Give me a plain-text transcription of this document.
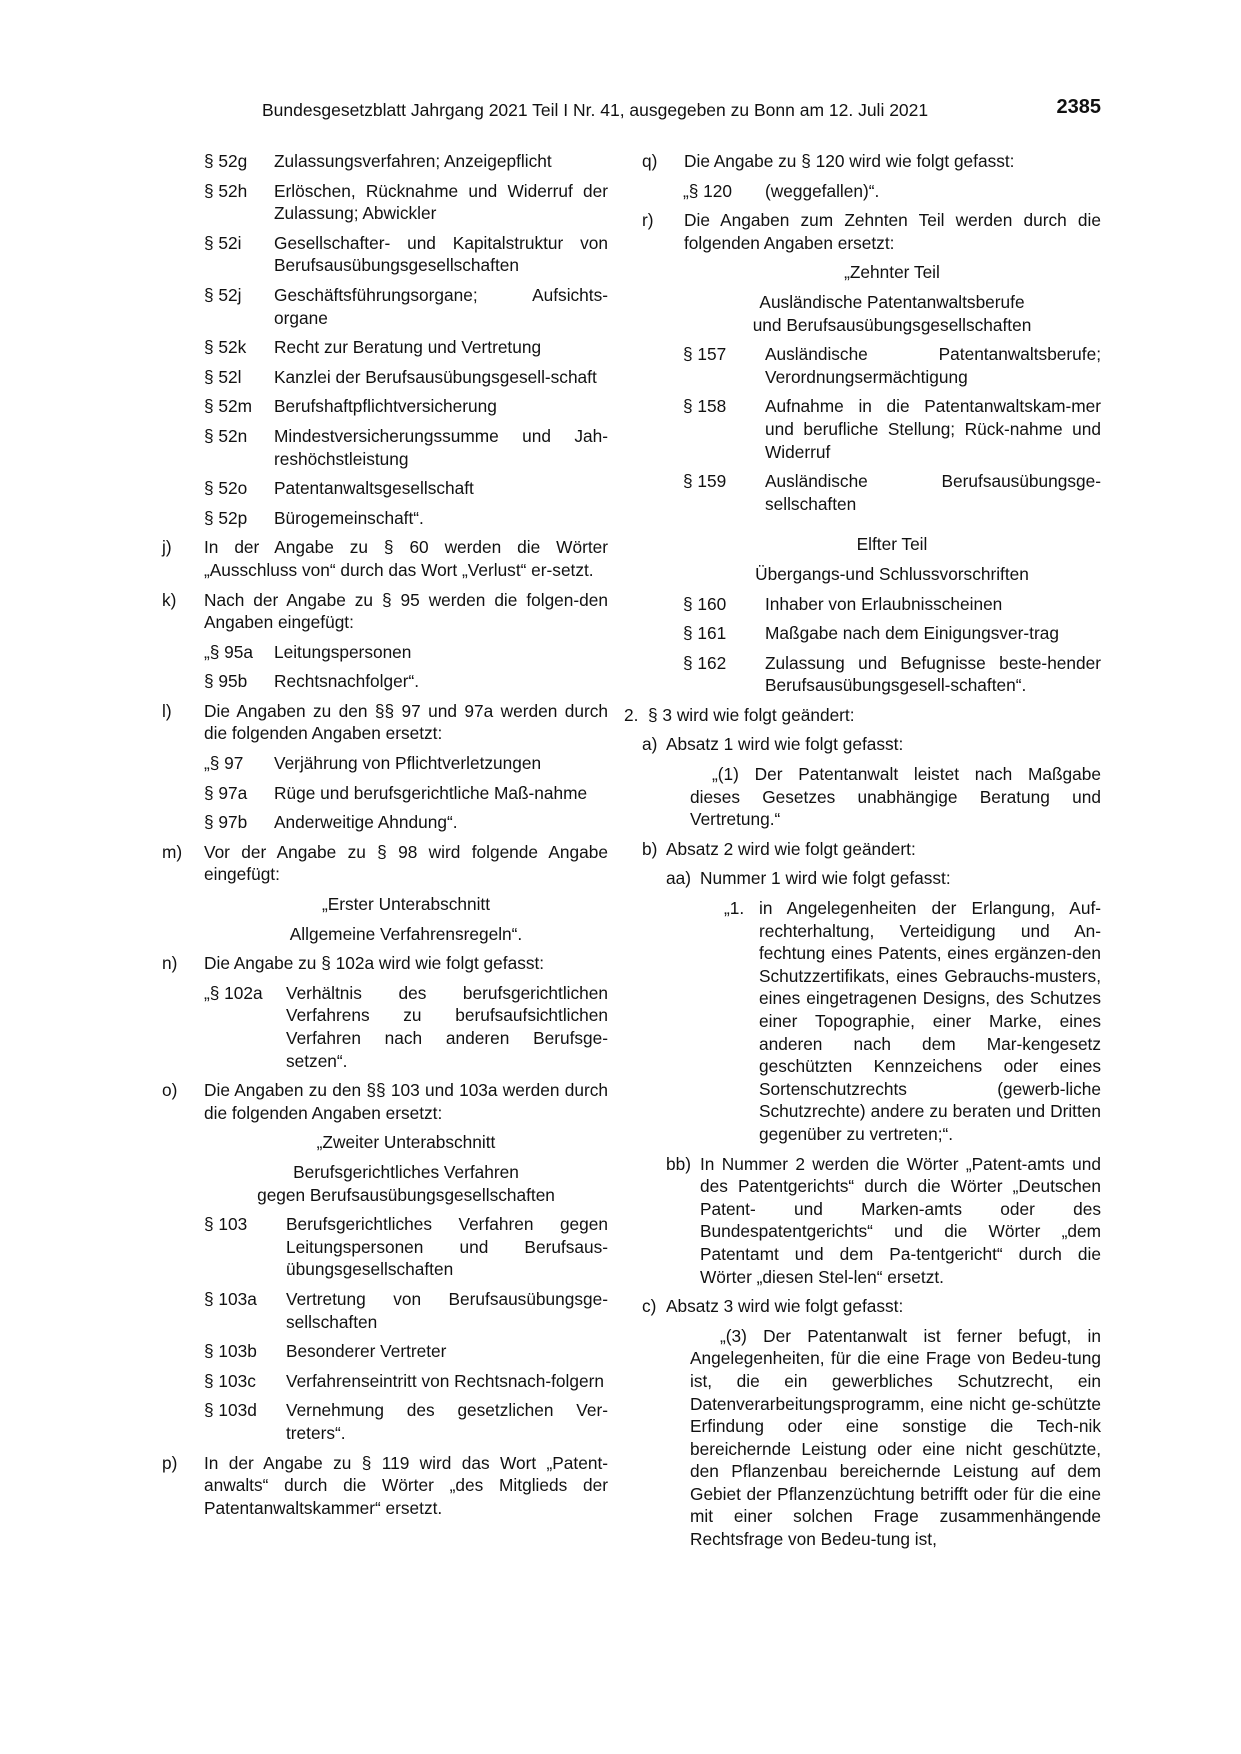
Bundesgesetzblatt Jahrgang 2021 Teil I Nr. 41, ausgegeben zu Bonn am 12. Juli 2021	2385
§ 52g	Zulassungsverfahren; Anzeigepflicht
§ 52h	Erlöschen, Rücknahme und Widerruf der Zulassung; Abwickler
§ 52i	Gesellschafter- und Kapitalstruktur von Berufsausübungsgesellschaften
§ 52j	Geschäftsführungsorgane; Aufsichts-organe
§ 52k	Recht zur Beratung und Vertretung
§ 52l	Kanzlei der Berufsausübungsgesell-schaft
§ 52m	Berufshaftpflichtversicherung
§ 52n	Mindestversicherungssumme und Jah-reshöchstleistung
§ 52o	Patentanwaltsgesellschaft
§ 52p	Bürogemeinschaft“.
j) In der Angabe zu § 60 werden die Wörter „Ausschluss von“ durch das Wort „Verlust“ er-setzt.
k) Nach der Angabe zu § 95 werden die folgen-den Angaben eingefügt:
„§ 95a	Leitungspersonen
§ 95b	Rechtsnachfolger“.
l) Die Angaben zu den §§ 97 und 97a werden durch die folgenden Angaben ersetzt:
„§ 97	Verjährung von Pflichtverletzungen
§ 97a	Rüge und berufsgerichtliche Maß-nahme
§ 97b	Anderweitige Ahndung“.
m) Vor der Angabe zu § 98 wird folgende Angabe eingefügt:
„Erster Unterabschnitt
Allgemeine Verfahrensregeln“.
n) Die Angabe zu § 102a wird wie folgt gefasst:
„§ 102a	Verhältnis des berufsgerichtlichen Verfahrens zu berufsaufsichtlichen Verfahren nach anderen Berufsge-setzen“.
o) Die Angaben zu den §§ 103 und 103a werden durch die folgenden Angaben ersetzt:
„Zweiter Unterabschnitt
Berufsgerichtliches Verfahren
gegen Berufsausübungsgesellschaften
§ 103	Berufsgerichtliches Verfahren gegen Leitungspersonen und Berufsaus-übungsgesellschaften
§ 103a	Vertretung von Berufsausübungsge-sellschaften
§ 103b	Besonderer Vertreter
§ 103c	Verfahrenseintritt von Rechtsnach-folgern
§ 103d	Vernehmung des gesetzlichen Ver-treters“.
p) In der Angabe zu § 119 wird das Wort „Patent-anwalts“ durch die Wörter „des Mitglieds der Patentanwaltskammer“ ersetzt.
q) Die Angabe zu § 120 wird wie folgt gefasst:
„§ 120	(weggefallen)“.
r) Die Angaben zum Zehnten Teil werden durch die folgenden Angaben ersetzt:
„Zehnter Teil
Ausländische Patentanwaltsberufe
und Berufsausübungsgesellschaften
§ 157	Ausländische Patentanwaltsberufe; Verordnungsermächtigung
§ 158	Aufnahme in die Patentanwaltskam-mer und berufliche Stellung; Rück-nahme und Widerruf
§ 159	Ausländische Berufsausübungsge-sellschaften
Elfter Teil
Übergangs-und Schlussvorschriften
§ 160	Inhaber von Erlaubnisscheinen
§ 161	Maßgabe nach dem Einigungsver-trag
§ 162	Zulassung und Befugnisse beste-hender Berufsausübungsgesell-schaften“.
2. § 3 wird wie folgt geändert:
a) Absatz 1 wird wie folgt gefasst:
„(1) Der Patentanwalt leistet nach Maßgabe dieses Gesetzes unabhängige Beratung und Vertretung.“
b) Absatz 2 wird wie folgt geändert:
aa) Nummer 1 wird wie folgt gefasst:
„1. in Angelegenheiten der Erlangung, Auf-rechterhaltung, Verteidigung und An-fechtung eines Patents, eines ergänzen-den Schutzzertifikats, eines Gebrauchs-musters, eines eingetragenen Designs, des Schutzes einer Topographie, einer Marke, eines anderen nach dem Mar-kengesetz geschützten Kennzeichens oder eines Sortenschutzrechts (gewerb-liche Schutzrechte) andere zu beraten und Dritten gegenüber zu vertreten;“.
bb) In Nummer 2 werden die Wörter „Patent-amts und des Patentgerichts“ durch die Wörter „Deutschen Patent- und Marken-amts oder des Bundespatentgerichts“ und die Wörter „dem Patentamt und dem Pa-tentgericht“ durch die Wörter „diesen Stel-len“ ersetzt.
c) Absatz 3 wird wie folgt gefasst:
„(3) Der Patentanwalt ist ferner befugt, in Angelegenheiten, für die eine Frage von Bedeu-tung ist, die ein gewerbliches Schutzrecht, ein Datenverarbeitungsprogramm, eine nicht ge-schützte Erfindung oder eine sonstige die Tech-nik bereichernde Leistung oder eine nicht geschützte, den Pflanzenbau bereichernde Leistung auf dem Gebiet der Pflanzenzüchtung betrifft oder für die eine mit einer solchen Frage zusammenhängende Rechtsfrage von Bedeu-tung ist,
